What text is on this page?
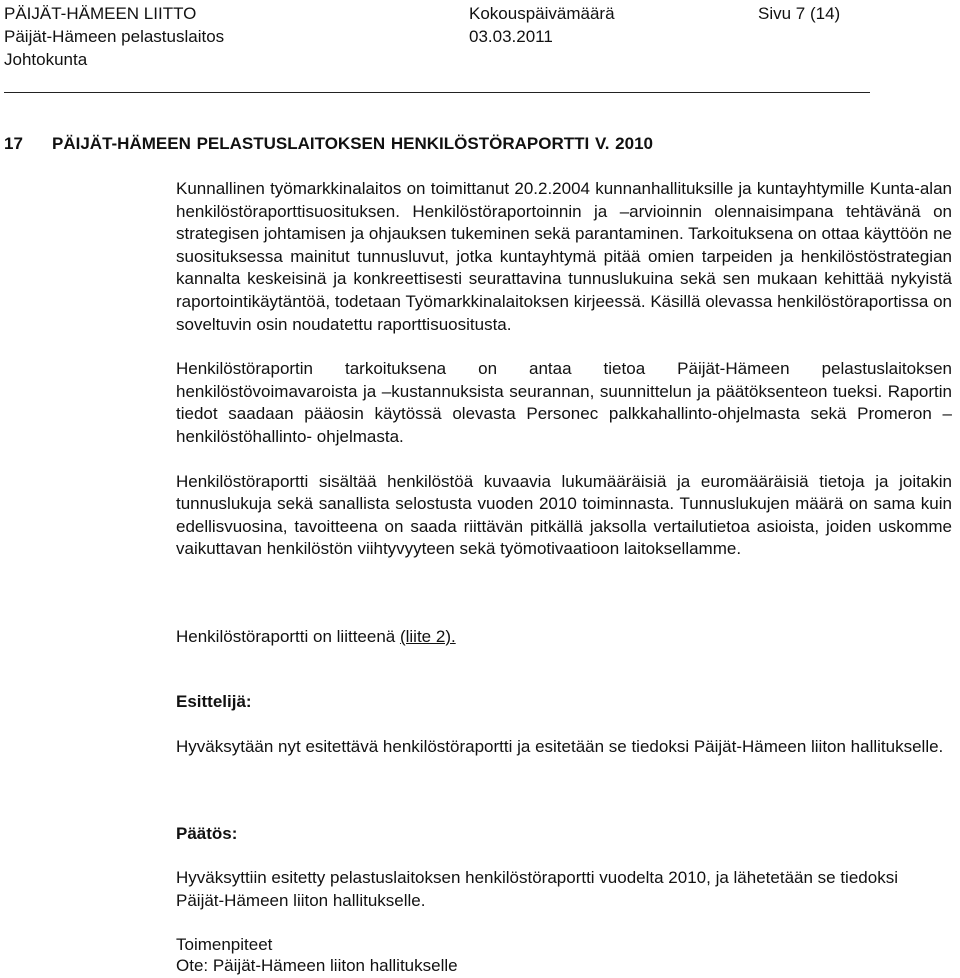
PÄIJÄT-HÄMEEN LIITTO	Kokouspäivämäärä	Sivu 7 (14)
Päijät-Hämeen pelastuslaitos	03.03.2011
Johtokunta
17 PÄIJÄT-HÄMEEN PELASTUSLAITOKSEN HENKILÖSTÖRAPORTTI V. 2010

Kunnallinen työmarkkinalaitos on toimittanut 20.2.2004 kunnanhallituksille ja kuntayhtymille Kunta-alan henkilöstöraporttisuosituksen. Henkilöstöraportoinnin ja –arvioinnin olennaisimpana tehtävänä on strategisen johtamisen ja ohjauksen tukeminen sekä parantaminen. Tarkoituksena on ottaa käyttöön ne suosituksessa mainitut tunnusluvut, jotka kuntayhtymä pitää omien tarpeiden ja henkilöstöstrategian kannalta keskeisinä ja konkreettisesti seurattavina tunnuslukuina sekä sen mukaan kehittää nykyistä raportointikäytäntöä, todetaan Työmarkkinalaitoksen kirjeessä. Käsillä olevassa henkilöstöraportissa on soveltuvin osin noudatettu raporttisuositusta.

Henkilöstöraportin tarkoituksena on antaa tietoa Päijät-Hämeen pelastuslaitoksen henkilöstövoimavaroista ja –kustannuksista seurannan, suunnittelun ja päätöksenteon tueksi. Raportin tiedot saadaan pääosin käytössä olevasta Personec palkkahallinto-ohjelmasta sekä Promeron – henkilöstöhallinto- ohjelmasta.

Henkilöstöraportti sisältää henkilöstöä kuvaavia lukumääräisiä ja euromääräisiä tietoja ja joitakin tunnuslukuja sekä sanallista selostusta vuoden 2010 toiminnasta. Tunnuslukujen määrä on sama kuin edellisvuosina, tavoitteena on saada riittävän pitkällä jaksolla vertailutietoa asioista, joiden uskomme vaikuttavan henkilöstön viihtyvyyteen sekä työmotivaatioon laitoksellamme.

Henkilöstöraportti on liitteenä (liite 2).
Esittelijä:
Hyväksytään nyt esitettävä henkilöstöraportti ja esitetään se tiedoksi Päijät-Hämeen liiton hallitukselle.
Päätös:
Hyväksyttiin esitetty pelastuslaitoksen henkilöstöraportti vuodelta 2010, ja lähetetään se tiedoksi Päijät-Hämeen liiton hallitukselle.
Toimenpiteet
Ote: Päijät-Hämeen liiton hallitukselle
